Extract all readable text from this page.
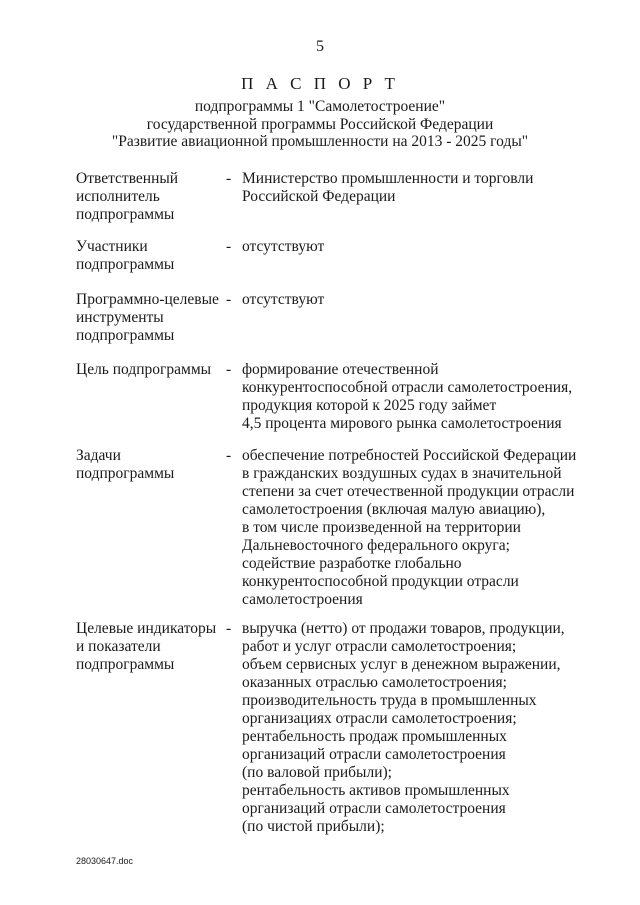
5
П А С П О Р Т
подпрограммы 1 "Самолетостроение"
государственной программы Российской Федерации
"Развитие авиационной промышленности на 2013 - 2025 годы"
Ответственный
исполнитель
подпрограммы
- Министерство промышленности и торговли
Российской Федерации
Участники
подпрограммы
- отсутствуют
Программно-целевые
инструменты
подпрограммы
- отсутствуют
Цель подпрограммы - формирование отечественной
конкурентоспособной отрасли самолетостроения,
продукция которой к 2025 году займет
4,5 процента мирового рынка самолетостроения
Задачи
подпрограммы
- обеспечение потребностей Российской Федерации
в гражданских воздушных судах в значительной
степени за счет отечественной продукции отрасли
самолетостроения (включая малую авиацию),
в том числе произведенной на территории
Дальневосточного федерального округа;
содействие разработке глобально
конкурентоспособной продукции отрасли
самолетостроения
Целевые индикаторы
и показатели
подпрограммы
- выручка (нетто) от продажи товаров, продукции,
работ и услуг отрасли самолетостроения;
объем сервисных услуг в денежном выражении,
оказанных отраслью самолетостроения;
производительность труда в промышленных
организациях отрасли самолетостроения;
рентабельность продаж промышленных
организаций отрасли самолетостроения
(по валовой прибыли);
рентабельность активов промышленных
организаций отрасли самолетостроения
(по чистой прибыли);
28030647.doc
